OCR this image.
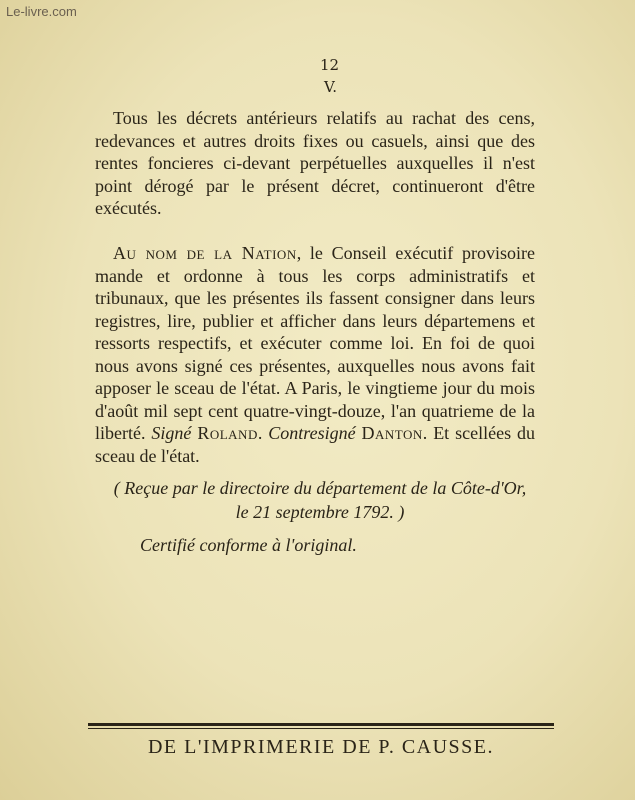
Le-livre.com
12
V.
Tous les décrets antérieurs relatifs au rachat des cens, redevances et autres droits fixes ou casuels, ainsi que des rentes foncieres ci-devant perpétuelles auxquelles il n'est point dérogé par le présent décret, continueront d'être exécutés.
Au nom de la Nation, le Conseil exécutif provisoire mande et ordonne à tous les corps administratifs et tribunaux, que les présentes ils fassent consigner dans leurs registres, lire, publier et afficher dans leurs départemens et ressorts respectifs, et exécuter comme loi. En foi de quoi nous avons signé ces présentes, auxquelles nous avons fait apposer le sceau de l'état. A Paris, le vingtieme jour du mois d'août mil sept cent quatre-vingt-douze, l'an quatrieme de la liberté. Signé Roland. Contresigné Danton. Et scellées du sceau de l'état.
( Reçue par le directoire du département de la Côte-d'Or,
le 21 septembre 1792. )
Certifié conforme à l'original.
DE L'IMPRIMERIE DE P. CAUSSE.
